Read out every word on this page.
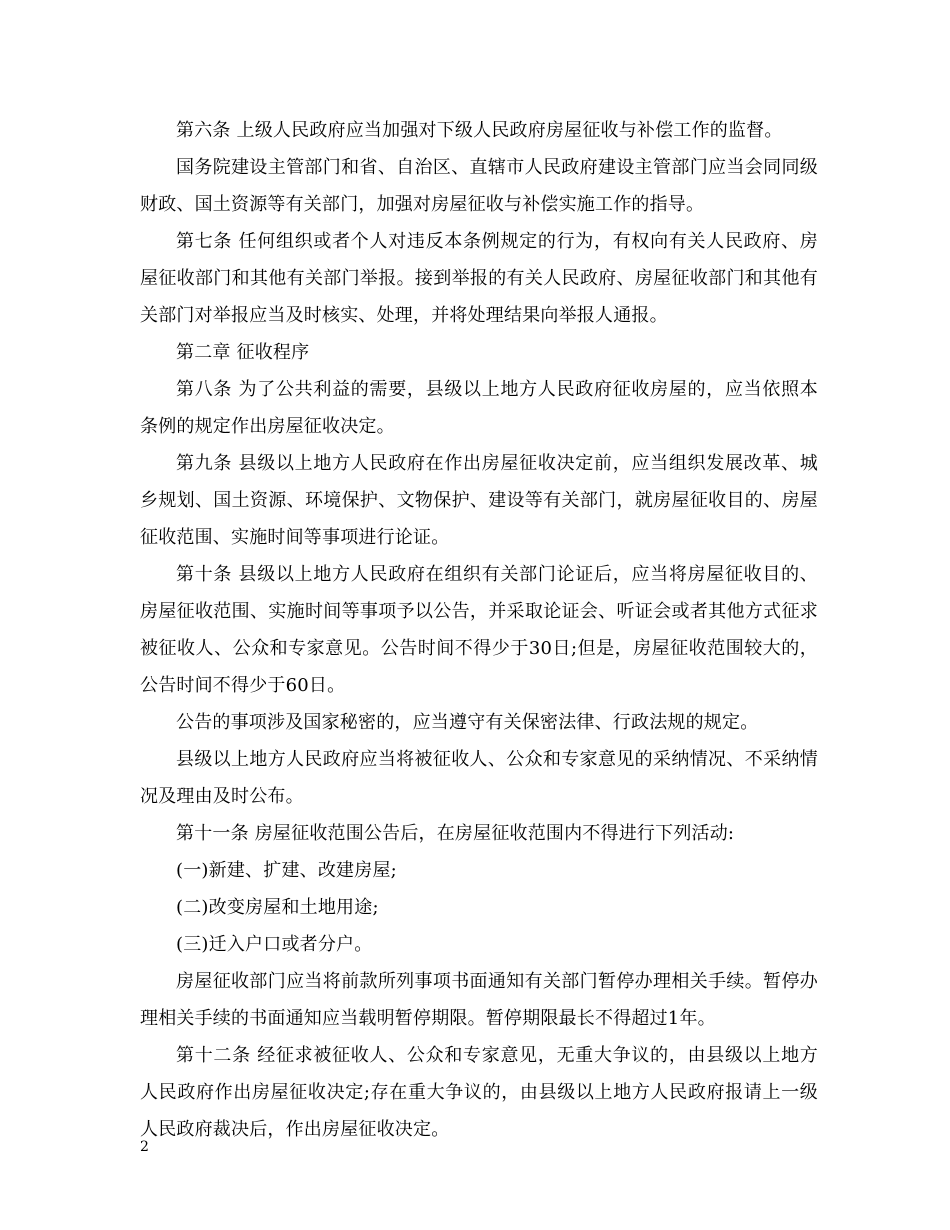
第六条 上级人民政府应当加强对下级人民政府房屋征收与补偿工作的监督。

国务院建设主管部门和省、自治区、直辖市人民政府建设主管部门应当会同同级财政、国土资源等有关部门，加强对房屋征收与补偿实施工作的指导。

第七条 任何组织或者个人对违反本条例规定的行为，有权向有关人民政府、房屋征收部门和其他有关部门举报。接到举报的有关人民政府、房屋征收部门和其他有关部门对举报应当及时核实、处理，并将处理结果向举报人通报。

第二章 征收程序

第八条 为了公共利益的需要，县级以上地方人民政府征收房屋的，应当依照本条例的规定作出房屋征收决定。

第九条 县级以上地方人民政府在作出房屋征收决定前，应当组织发展改革、城乡规划、国土资源、环境保护、文物保护、建设等有关部门，就房屋征收目的、房屋征收范围、实施时间等事项进行论证。

第十条 县级以上地方人民政府在组织有关部门论证后，应当将房屋征收目的、房屋征收范围、实施时间等事项予以公告，并采取论证会、听证会或者其他方式征求被征收人、公众和专家意见。公告时间不得少于30日;但是，房屋征收范围较大的，公告时间不得少于60日。

公告的事项涉及国家秘密的，应当遵守有关保密法律、行政法规的规定。

县级以上地方人民政府应当将被征收人、公众和专家意见的采纳情况、不采纳情况及理由及时公布。

第十一条 房屋征收范围公告后，在房屋征收范围内不得进行下列活动:

(一)新建、扩建、改建房屋;

(二)改变房屋和土地用途;

(三)迁入户口或者分户。

房屋征收部门应当将前款所列事项书面通知有关部门暂停办理相关手续。暂停办理相关手续的书面通知应当载明暂停期限。暂停期限最长不得超过1年。

第十二条 经征求被征收人、公众和专家意见，无重大争议的，由县级以上地方人民政府作出房屋征收决定;存在重大争议的，由县级以上地方人民政府报请上一级人民政府裁决后，作出房屋征收决定。

2
